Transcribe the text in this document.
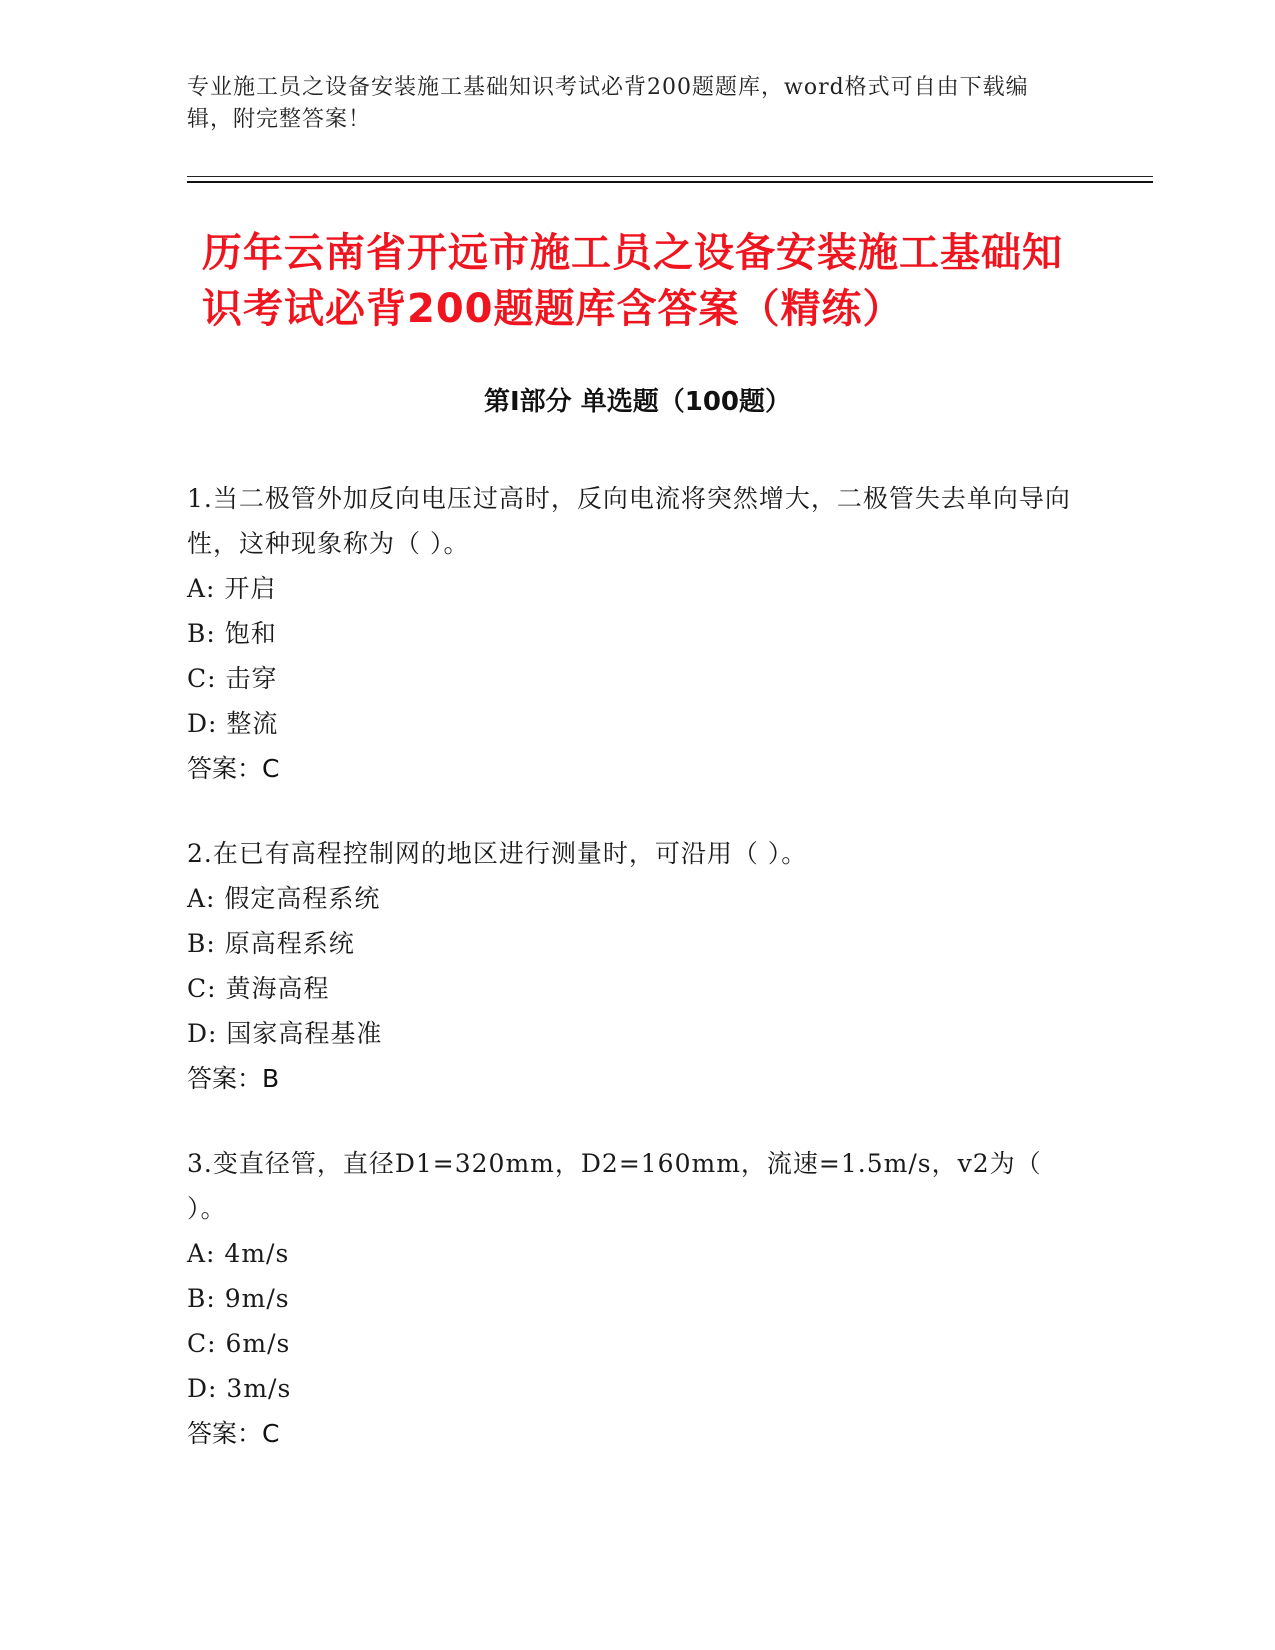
专业施工员之设备安装施工基础知识考试必背200题题库，word格式可自由下载编辑，附完整答案！
历年云南省开远市施工员之设备安装施工基础知识考试必背200题题库含答案（精练）
第Ⅰ部分 单选题（100题）
1.当二极管外加反向电压过高时，反向电流将突然增大，二极管失去单向导向性，这种现象称为（ ）。
A: 开启
B: 饱和
C: 击穿
D: 整流
答案：C
2.在已有高程控制网的地区进行测量时，可沿用（ ）。
A: 假定高程系统
B: 原高程系统
C: 黄海高程
D: 国家高程基准
答案：B
3.变直径管，直径D1=320mm，D2=160mm，流速=1.5m/s，v2为（ ）。
A: 4m/s
B: 9m/s
C: 6m/s
D: 3m/s
答案：C
